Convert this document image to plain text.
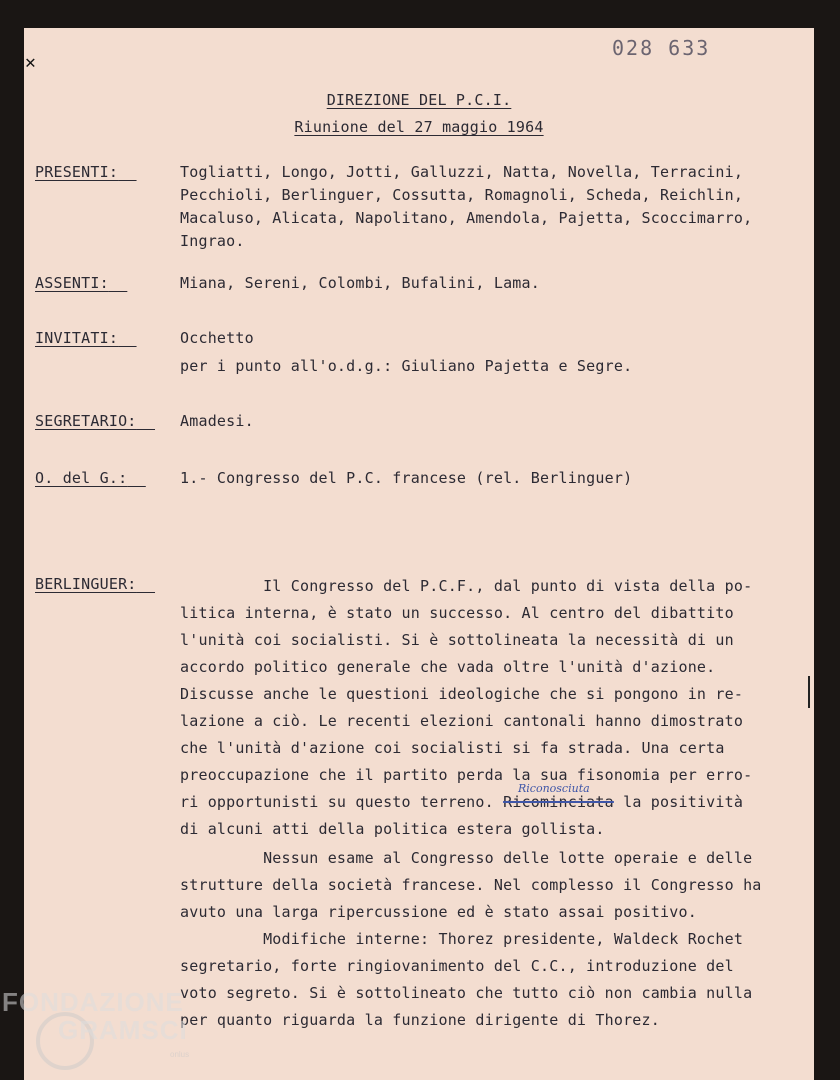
028 633
DIREZIONE DEL P.C.I.
Riunione del 27 maggio 1964
PRESENTI:	Togliatti, Longo, Jotti, Galluzzi, Natta, Novella, Terracini,
Pecchioli, Berlinguer, Cossutta, Romagnoli, Scheda, Reichlin,
Macaluso, Alicata, Napolitano, Amendola, Pajetta, Scoccimarro,
Ingrao.
ASSENTI:	Miana, Sereni, Colombi, Bufalini, Lama.
INVITATI:	Occhetto
per i punto all'o.d.g.: Giuliano Pajetta e Segre.
SEGRETARIO:	Amadesi.
O. del G.:	1.- Congresso del P.C. francese (rel. Berlinguer)
BERLINGUER:	Il Congresso del P.C.F., dal punto di vista della po-
litica interna, è stato un successo. Al centro del dibattito
l'unità coi socialisti. Si è sottolineata la necessità di un
accordo politico generale che vada oltre l'unità d'azione.
Discusse anche le questioni ideologiche che si pongono in re-
lazione a ciò. Le recenti elezioni cantonali hanno dimostrato
che l'unità d'azione coi socialisti si fa strada. Una certa
preoccupazione che il partito perda la sua fisonomia per erro-
ri opportunisti su questo terreno. Ricominciata la positività
Riconosciuta
di alcuni atti della politica estera gollista.
Nessun esame al Congresso delle lotte operaie e delle
strutture della società francese. Nel complesso il Congresso ha
avuto una larga ripercussione ed è stato assai positivo.
Modifiche interne: Thorez presidente, Waldeck Rochet
segretario, forte ringiovanimento del C.C., introduzione del
voto segreto. Si è sottolineato che tutto ciò non cambia nulla
per quanto riguarda la funzione dirigente di Thorez.
✕
FONDAZIONE
GRAMSCI
onlus
